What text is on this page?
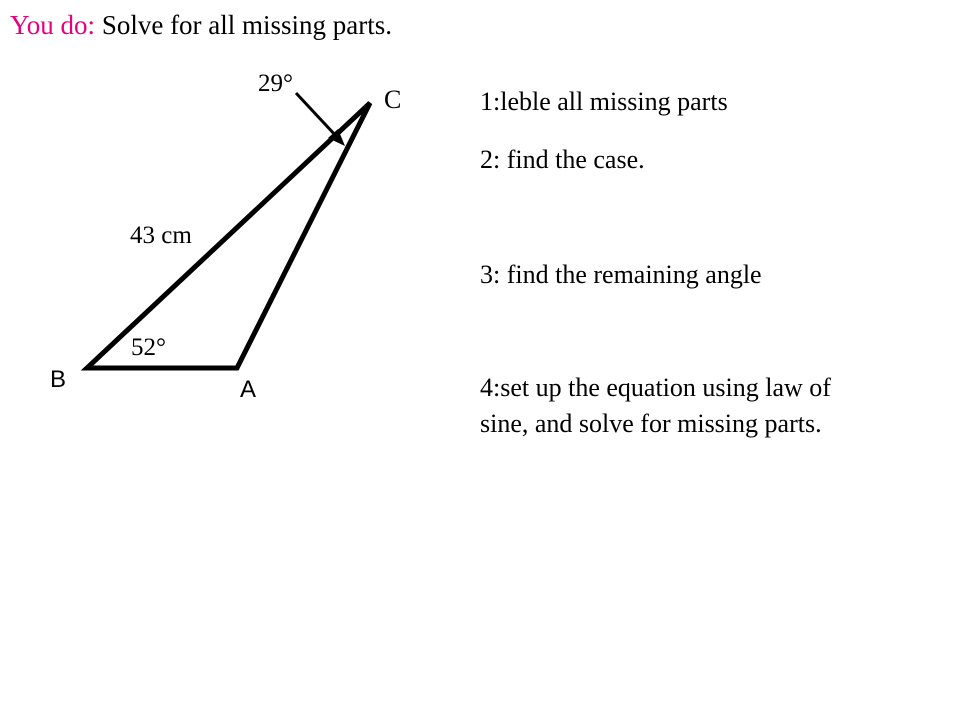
You do: Solve for all missing parts.
29°
C
43 cm
52°
B	A
1:leble all missing parts
2: find the case.
3: find the remaining angle
4:set up the equation using law of
sine, and solve for missing parts.
